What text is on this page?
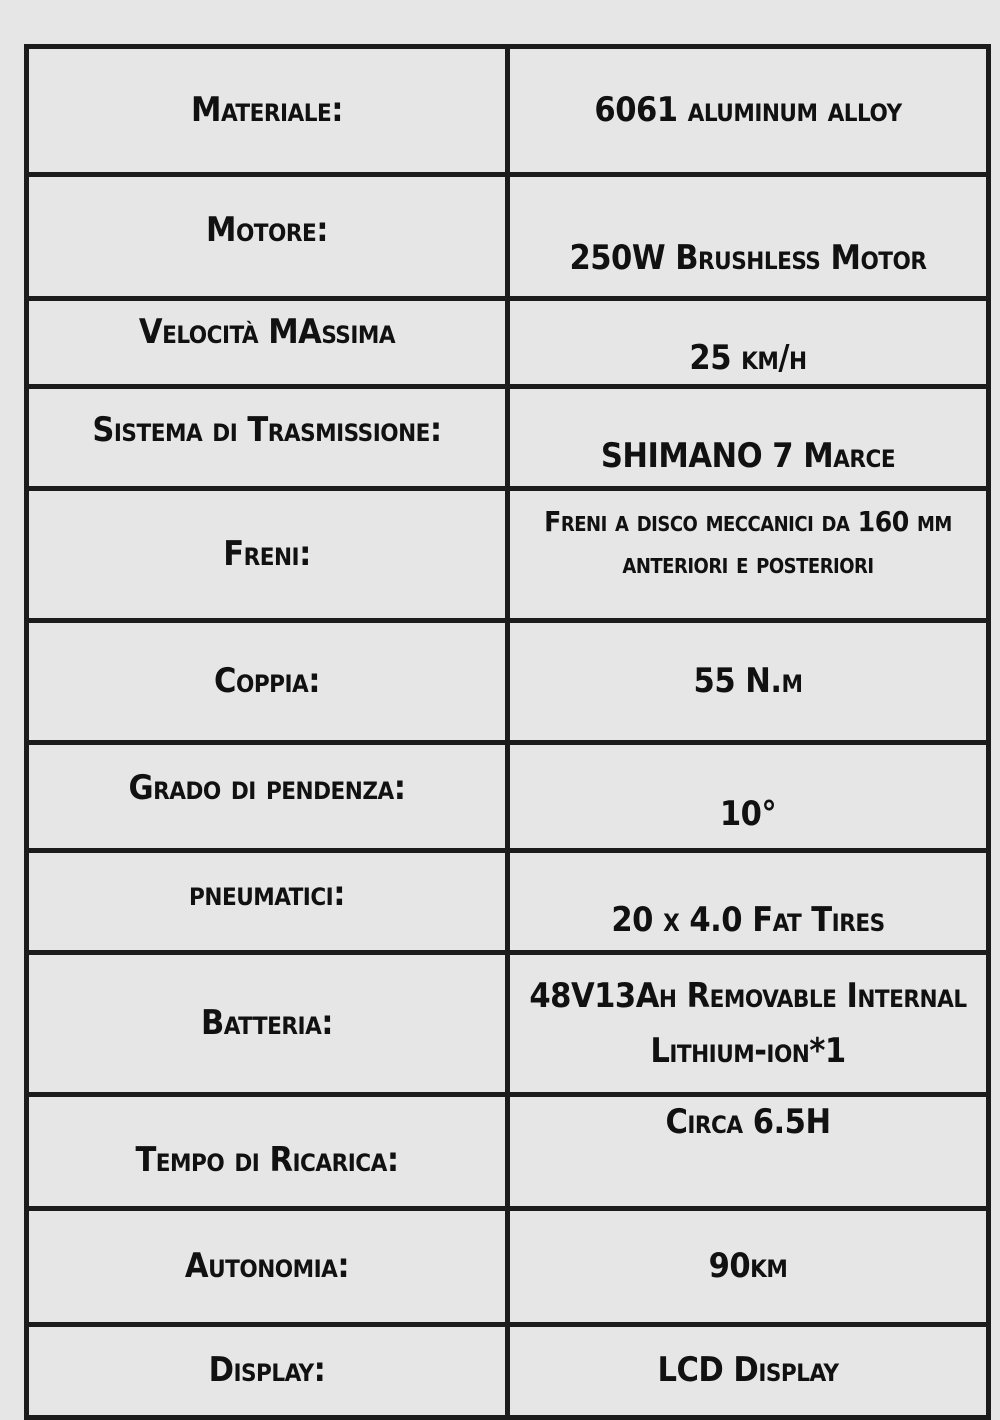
Materiale:	6061 aluminum alloy
Motore:	250W Brushless Motor
Velocità MAssima	25 km/h
Sistema di Trasmissione:	SHIMANO 7 Marce
Freni:	Freni a disco meccanici da 160 mm anteriori e posteriori
Coppia:	55 N.m
Grado di pendenza:	10°
pneumatici:	20 x 4.0 Fat Tires
Batteria:	48V13Ah Removable Internal Lithium-ion*1
Tempo di Ricarica:	Circa 6.5H
Autonomia:	90km
Display:	LCD Display
